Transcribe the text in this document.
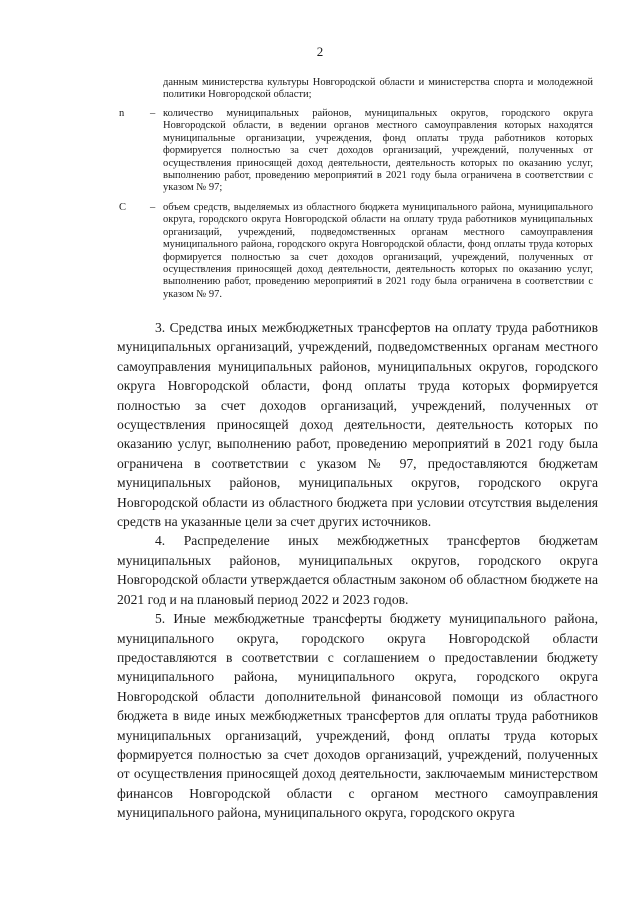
2
данным министерства культуры Новгородской области и министерства спорта и молодежной политики Новгородской области;
n – количество муниципальных районов, муниципальных округов, городского округа Новгородской области, в ведении органов местного самоуправления которых находятся муниципальные организации, учреждения, фонд оплаты труда работников которых формируется полностью за счет доходов организаций, учреждений, полученных от осуществления приносящей доход деятельности, деятельность которых по оказанию услуг, выполнению работ, проведению мероприятий в 2021 году была ограничена в соответствии с указом № 97;
C – объем средств, выделяемых из областного бюджета муниципального района, муниципального округа, городского округа Новгородской области на оплату труда работников муниципальных организаций, учреждений, подведомственных органам местного самоуправления муниципального района, городского округа Новгородской области, фонд оплаты труда которых формируется полностью за счет доходов организаций, учреждений, полученных от осуществления приносящей доход деятельности, деятельность которых по оказанию услуг, выполнению работ, проведению мероприятий в 2021 году была ограничена в соответствии с указом № 97.

3. Средства иных межбюджетных трансфертов на оплату труда работников муниципальных организаций, учреждений, подведомственных органам местного самоуправления муниципальных районов, муниципальных округов, городского округа Новгородской области, фонд оплаты труда которых формируется полностью за счет доходов организаций, учреждений, полученных от осуществления приносящей доход деятельности, деятельность которых по оказанию услуг, выполнению работ, проведению мероприятий в 2021 году была ограничена в соответствии с указом № 97, предоставляются бюджетам муниципальных районов, муниципальных округов, городского округа Новгородской области из областного бюджета при условии отсутствия выделения средств на указанные цели за счет других источников.

4. Распределение иных межбюджетных трансфертов бюджетам муниципальных районов, муниципальных округов, городского округа Новгородской области утверждается областным законом об областном бюджете на 2021 год и на плановый период 2022 и 2023 годов.

5. Иные межбюджетные трансферты бюджету муниципального района, муниципального округа, городского округа Новгородской области предоставляются в соответствии с соглашением о предоставлении бюджету муниципального района, муниципального округа, городского округа Новгородской области дополнительной финансовой помощи из областного бюджета в виде иных межбюджетных трансфертов для оплаты труда работников муниципальных организаций, учреждений, фонд оплаты труда которых формируется полностью за счет доходов организаций, учреждений, полученных от осуществления приносящей доход деятельности, заключаемым министерством финансов Новгородской области с органом местного самоуправления муниципального района, муниципального округа, городского округа
